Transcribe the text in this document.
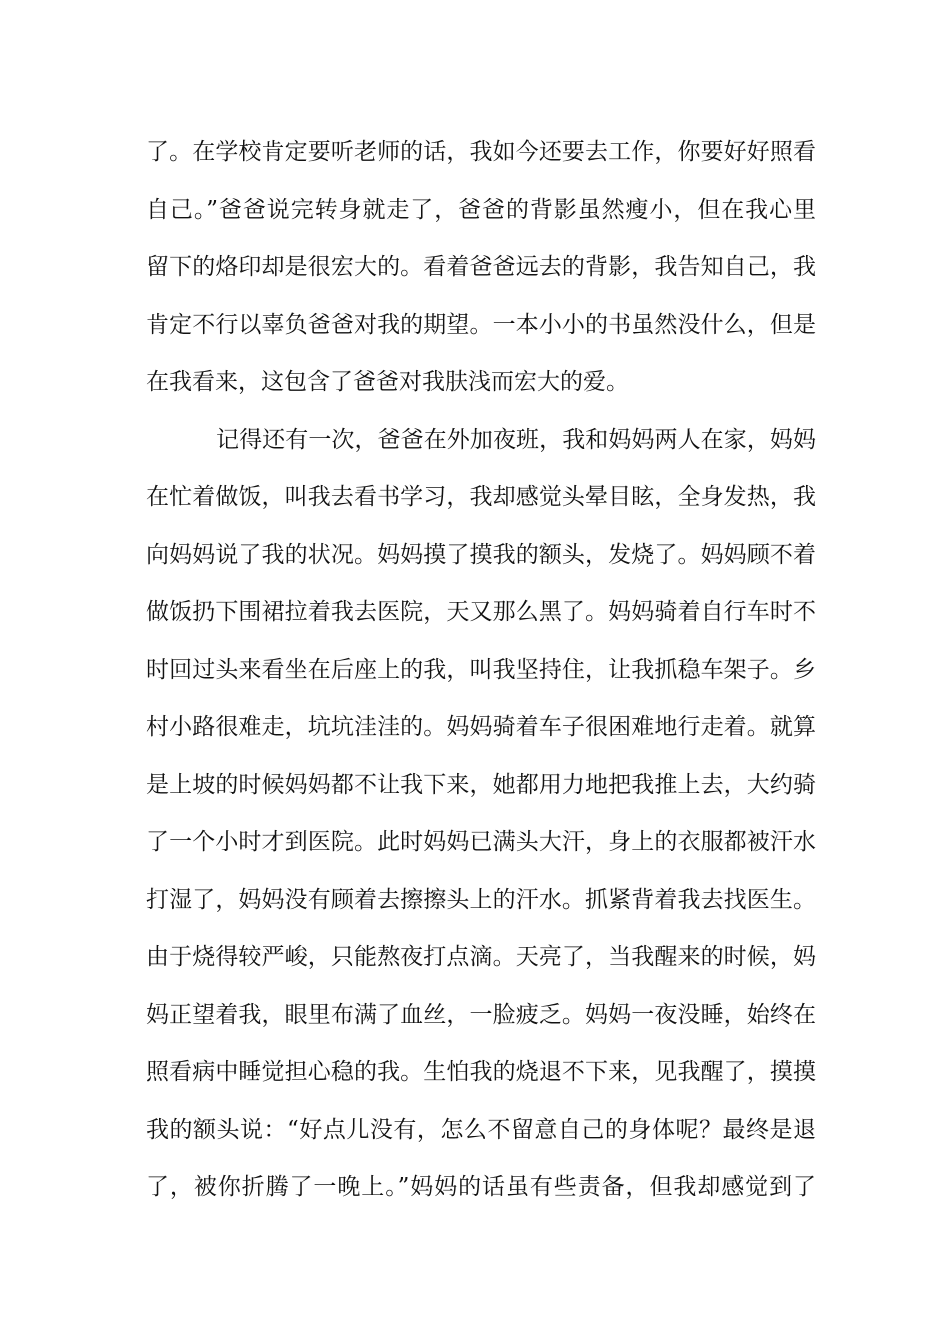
了。在学校肯定要听老师的话，我如今还要去工作，你要好好照看
自己。”爸爸说完转身就走了，爸爸的背影虽然瘦小，但在我心里
留下的烙印却是很宏大的。看着爸爸远去的背影，我告知自己，我
肯定不行以辜负爸爸对我的期望。一本小小的书虽然没什么，但是
在我看来，这包含了爸爸对我肤浅而宏大的爱。
记得还有一次，爸爸在外加夜班，我和妈妈两人在家，妈妈
在忙着做饭，叫我去看书学习，我却感觉头晕目眩，全身发热，我
向妈妈说了我的状况。妈妈摸了摸我的额头，发烧了。妈妈顾不着
做饭扔下围裙拉着我去医院，天又那么黑了。妈妈骑着自行车时不
时回过头来看坐在后座上的我，叫我坚持住，让我抓稳车架子。乡
村小路很难走，坑坑洼洼的。妈妈骑着车子很困难地行走着。就算
是上坡的时候妈妈都不让我下来，她都用力地把我推上去，大约骑
了一个小时才到医院。此时妈妈已满头大汗，身上的衣服都被汗水
打湿了，妈妈没有顾着去擦擦头上的汗水。抓紧背着我去找医生。
由于烧得较严峻，只能熬夜打点滴。天亮了，当我醒来的时候，妈
妈正望着我，眼里布满了血丝，一脸疲乏。妈妈一夜没睡，始终在
照看病中睡觉担心稳的我。生怕我的烧退不下来，见我醒了，摸摸
我的额头说：“好点儿没有，怎么不留意自己的身体呢？最终是退
了，被你折腾了一晚上。”妈妈的话虽有些责备，但我却感觉到了
